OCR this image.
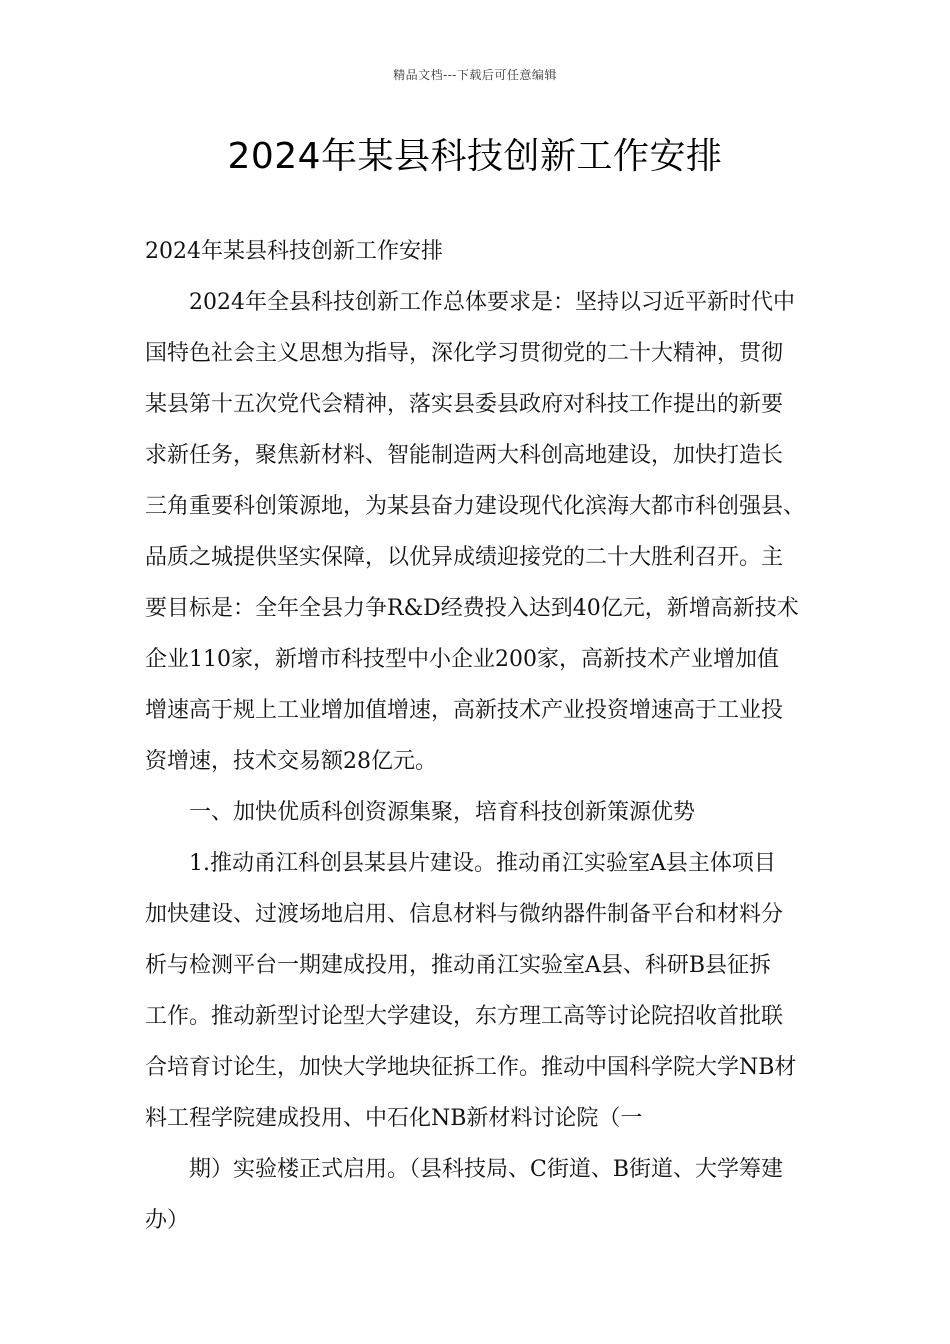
精品文档---下载后可任意编辑
2024年某县科技创新工作安排
2024年某县科技创新工作安排
2024年全县科技创新工作总体要求是：坚持以习近平新时代中
国特色社会主义思想为指导，深化学习贯彻党的二十大精神，贯彻
某县第十五次党代会精神，落实县委县政府对科技工作提出的新要
求新任务，聚焦新材料、智能制造两大科创高地建设，加快打造长
三角重要科创策源地，为某县奋力建设现代化滨海大都市科创强县、
品质之城提供坚实保障，以优异成绩迎接党的二十大胜利召开。主
要目标是：全年全县力争R&D经费投入达到40亿元，新增高新技术
企业110家，新增市科技型中小企业200家，高新技术产业增加值
增速高于规上工业增加值增速，高新技术产业投资增速高于工业投
资增速，技术交易额28亿元。
一、加快优质科创资源集聚，培育科技创新策源优势
1.推动甬江科创县某县片建设。推动甬江实验室A县主体项目
加快建设、过渡场地启用、信息材料与微纳器件制备平台和材料分
析与检测平台一期建成投用，推动甬江实验室A县、科研B县征拆
工作。推动新型讨论型大学建设，东方理工高等讨论院招收首批联
合培育讨论生，加快大学地块征拆工作。推动中国科学院大学NB材
料工程学院建成投用、中石化NB新材料讨论院（一
期）实验楼正式启用。（县科技局、C街道、B街道、大学筹建
办）
